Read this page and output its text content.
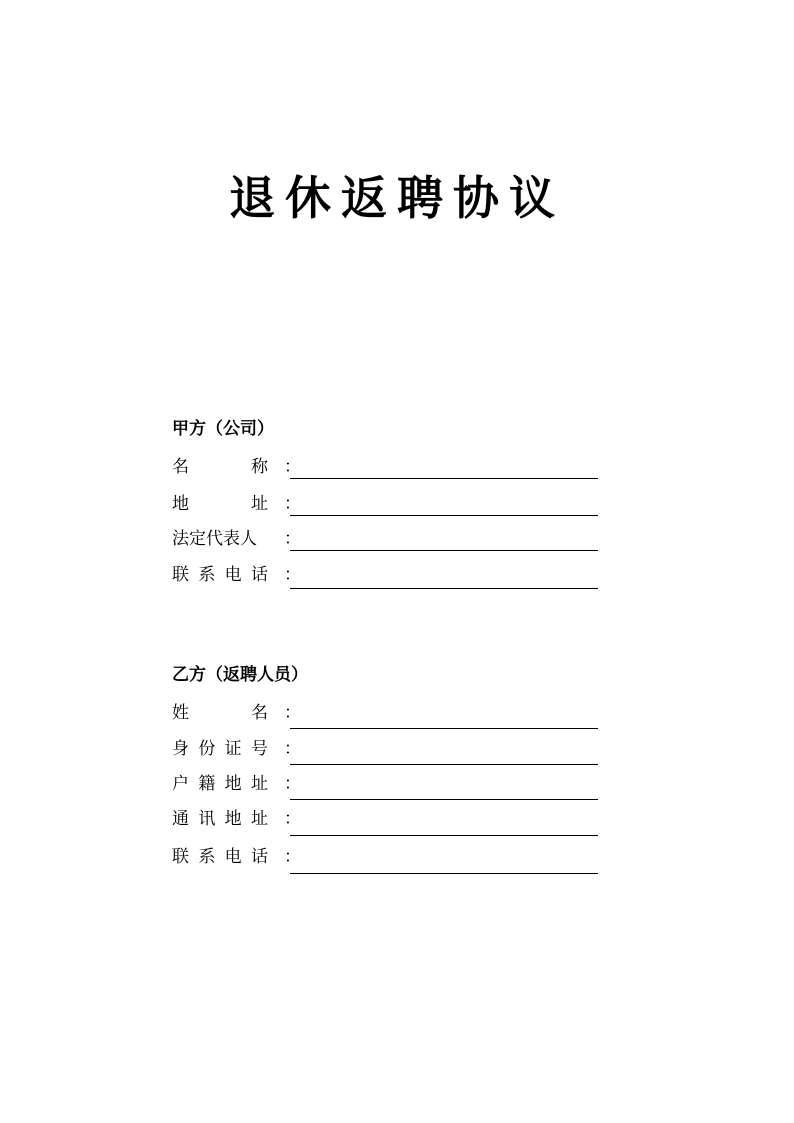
退休返聘协议
甲方（公司）
名	称 ：
地	址 ：
法定代表人	：
联 系 电 话 ：
乙方（返聘人员）
姓	名 ：
身 份 证 号 ：
户 籍 地 址 ：
通 讯 地 址 ：
联 系 电 话 ：
